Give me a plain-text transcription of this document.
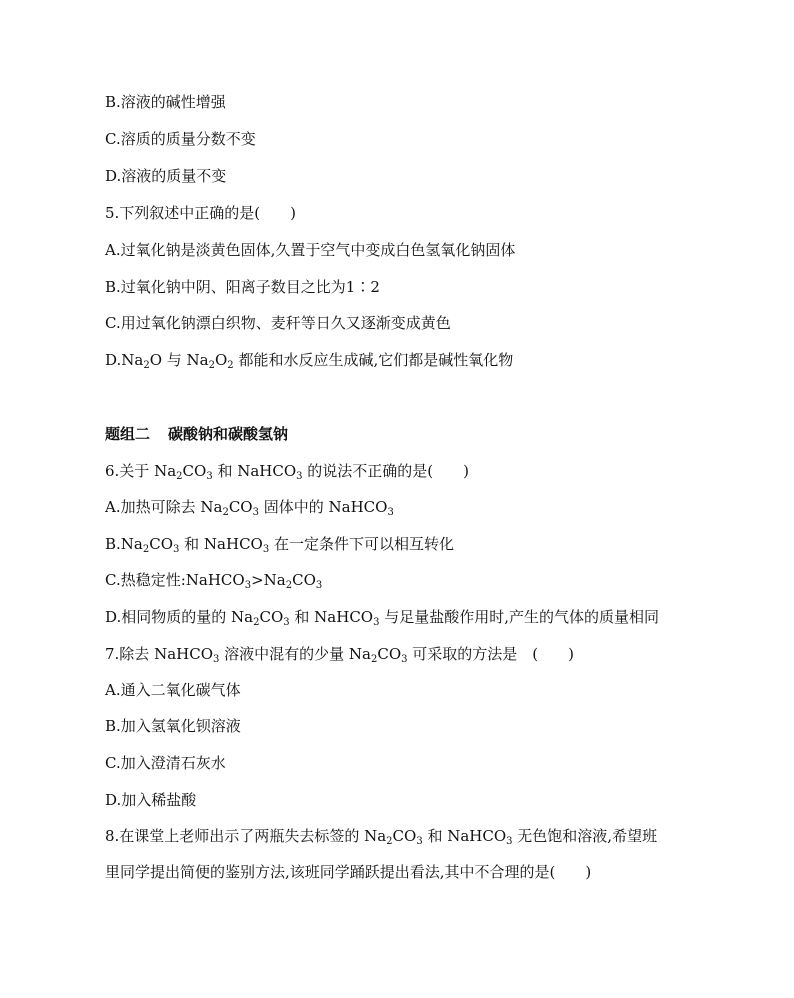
B.溶液的碱性增强
C.溶质的质量分数不变
D.溶液的质量不变
5.下列叙述中正确的是( )
A.过氧化钠是淡黄色固体,久置于空气中变成白色氢氧化钠固体
B.过氧化钠中阴、阳离子数目之比为1∶2
C.用过氧化钠漂白织物、麦秆等日久又逐渐变成黄色
$D.Na_2O$ 与 $Na_2O_2$ 都能和水反应生成碱,它们都是碱性氧化物
题组二 碳酸钠和碳酸氢钠
6.关于 $Na_2CO_3$ 和 NaHCO$_3$ 的说法不正确的是( )
A.加热可除去 $Na_2CO_3$ 固体中的 NaHCO$_3$
$B.Na_2CO_3$ 和 NaHCO$_3$ 在一定条件下可以相互转化
C.热稳定性$:NaHCO_3>Na_2CO_3$
D.相同物质的量的 $Na_2CO_3$ 和 NaHCO$_3$ 与足量盐酸作用时,产生的气体的质量相同
7.除去 NaHCO$_3$ 溶液中混有的少量 $Na_2CO_3$ 可采取的方法是　( )
A.通入二氧化碳气体
B.加入氢氧化钡溶液
C.加入澄清石灰水
D.加入稀盐酸
8.在课堂上老师出示了两瓶失去标签的 $Na_2CO_3$ 和 NaHCO$_3$ 无色饱和溶液,希望班
里同学提出简便的鉴别方法,该班同学踊跃提出看法,其中不合理的是( )
